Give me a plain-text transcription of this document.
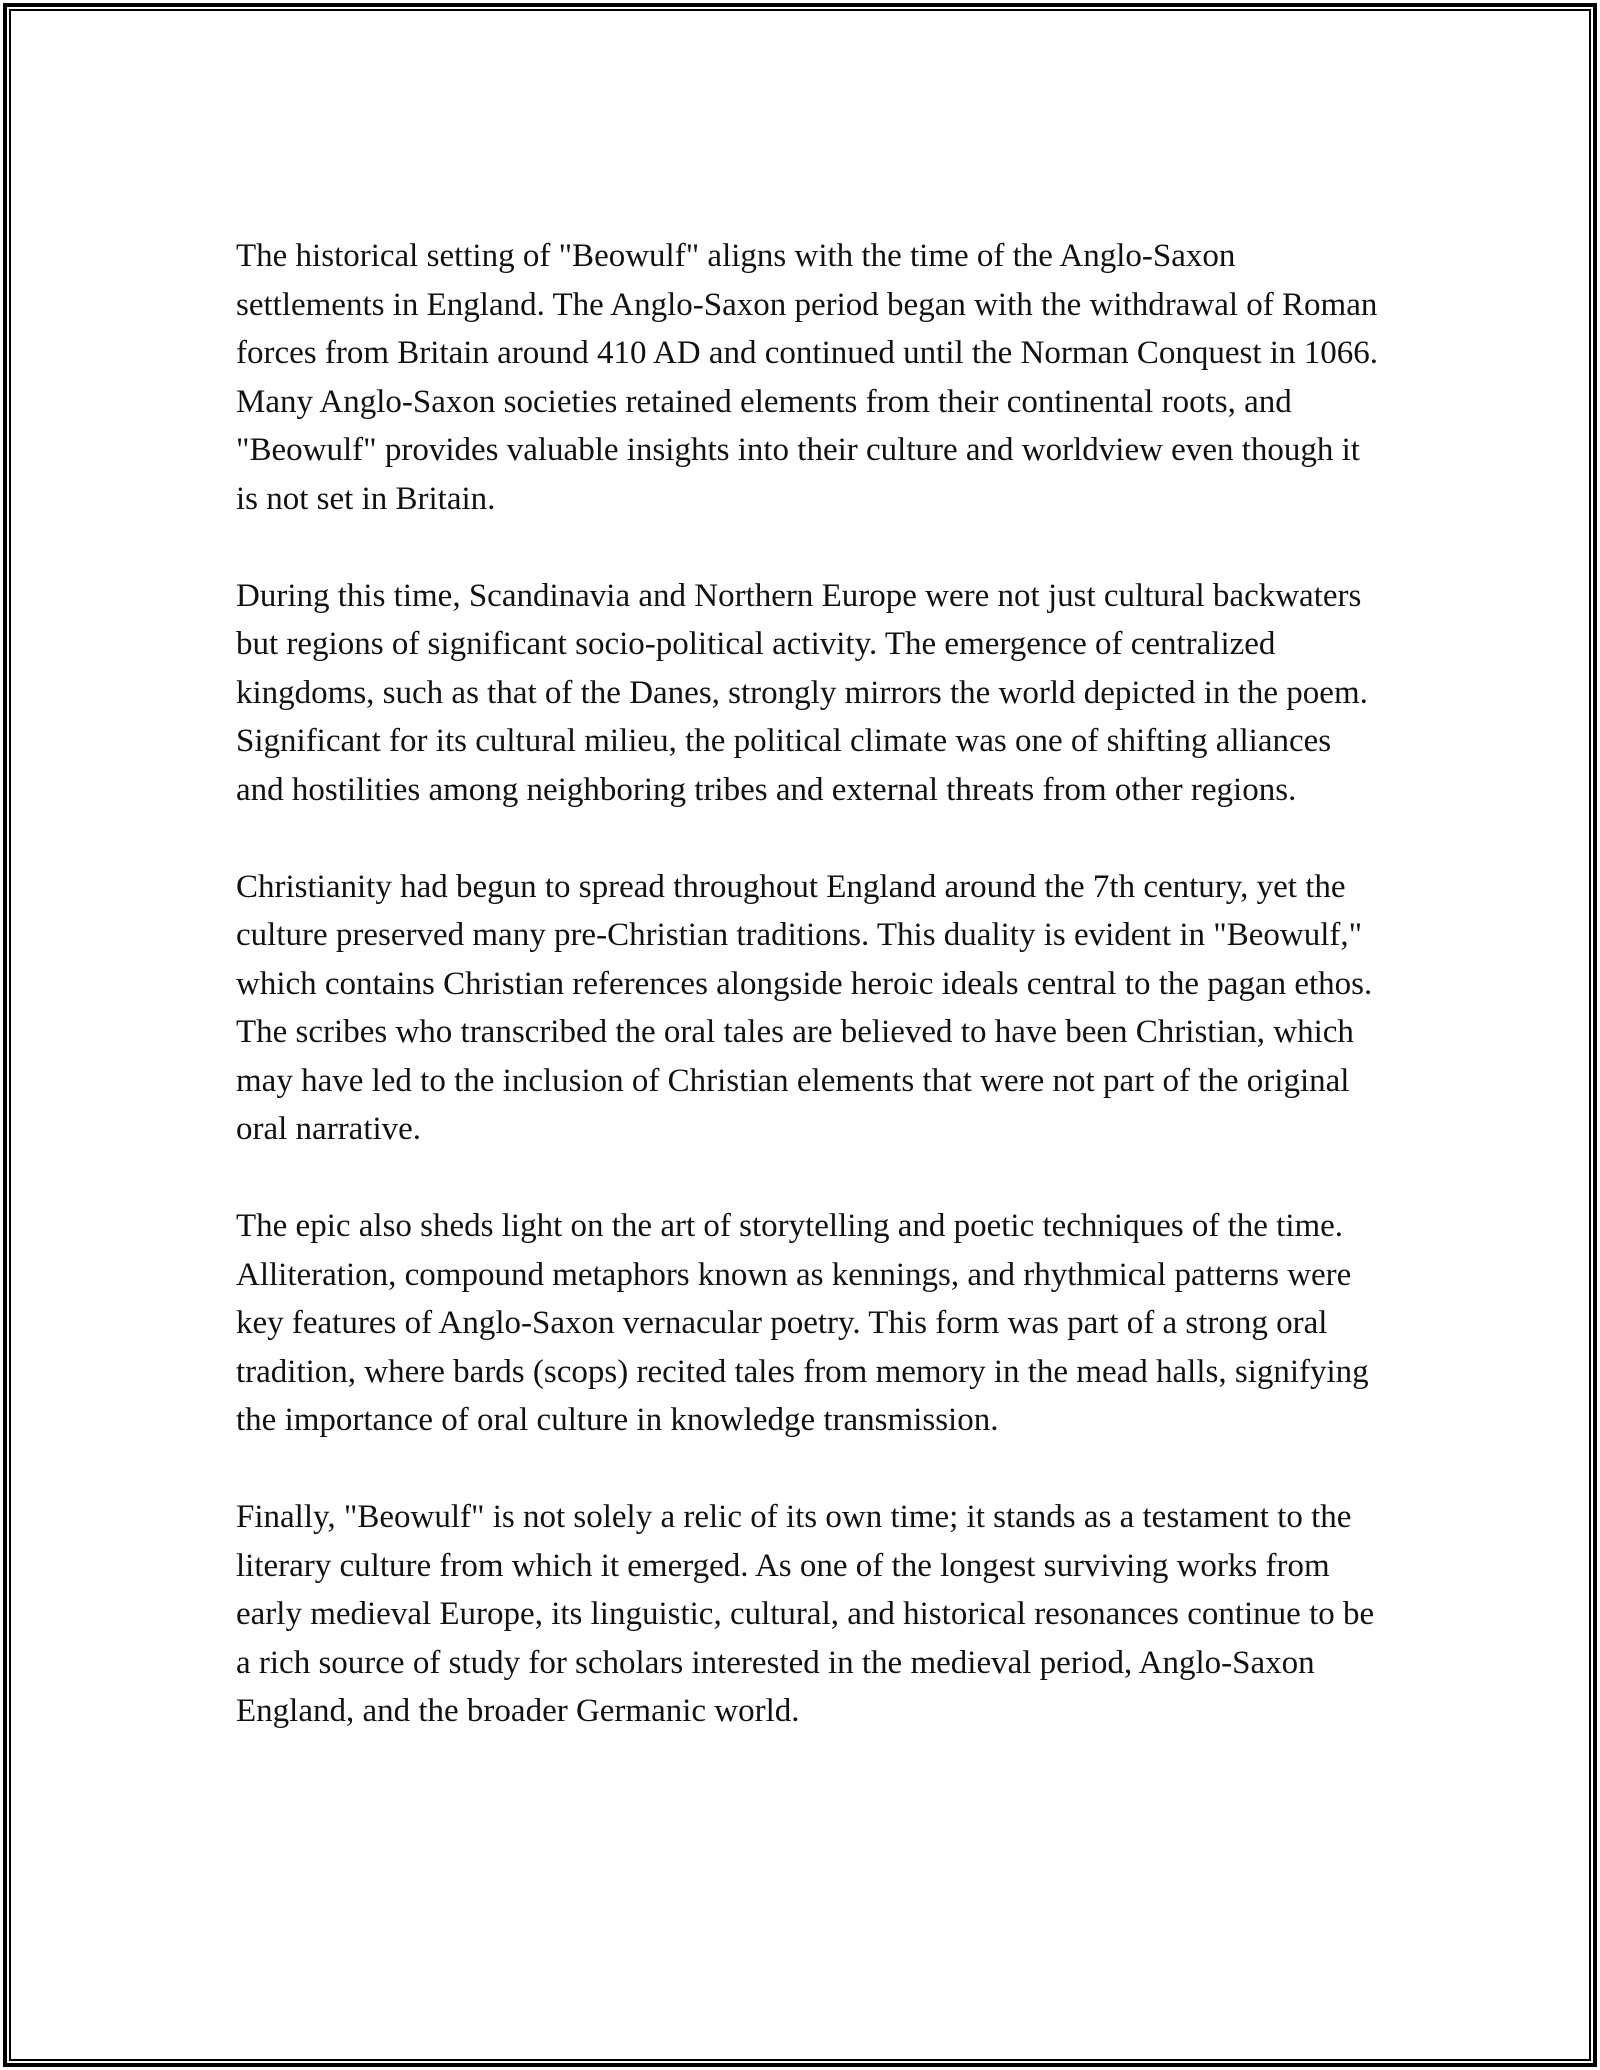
The historical setting of "Beowulf" aligns with the time of the Anglo-Saxon settlements in England. The Anglo-Saxon period began with the withdrawal of Roman forces from Britain around 410 AD and continued until the Norman Conquest in 1066. Many Anglo-Saxon societies retained elements from their continental roots, and "Beowulf" provides valuable insights into their culture and worldview even though it is not set in Britain.

During this time, Scandinavia and Northern Europe were not just cultural backwaters but regions of significant socio-political activity. The emergence of centralized kingdoms, such as that of the Danes, strongly mirrors the world depicted in the poem. Significant for its cultural milieu, the political climate was one of shifting alliances and hostilities among neighboring tribes and external threats from other regions.

Christianity had begun to spread throughout England around the 7th century, yet the culture preserved many pre-Christian traditions. This duality is evident in "Beowulf," which contains Christian references alongside heroic ideals central to the pagan ethos. The scribes who transcribed the oral tales are believed to have been Christian, which may have led to the inclusion of Christian elements that were not part of the original oral narrative.

The epic also sheds light on the art of storytelling and poetic techniques of the time. Alliteration, compound metaphors known as kennings, and rhythmical patterns were key features of Anglo-Saxon vernacular poetry. This form was part of a strong oral tradition, where bards (scops) recited tales from memory in the mead halls, signifying the importance of oral culture in knowledge transmission.

Finally, "Beowulf" is not solely a relic of its own time; it stands as a testament to the literary culture from which it emerged. As one of the longest surviving works from early medieval Europe, its linguistic, cultural, and historical resonances continue to be a rich source of study for scholars interested in the medieval period, Anglo-Saxon England, and the broader Germanic world.
